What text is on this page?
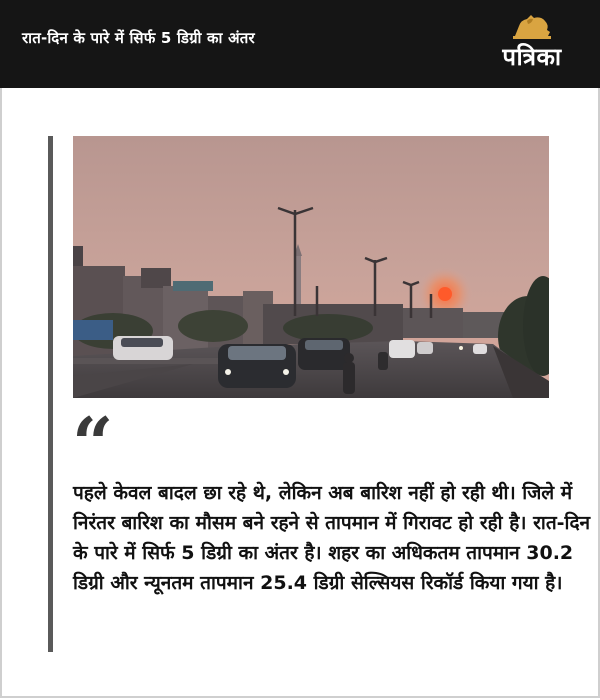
रात-दिन के पारे में सिर्फ 5 डिग्री का अंतर
पत्रिका
“

पहले केवल बादल छा रहे थे, लेकिन अब बारिश नहीं हो रही थी। जिले में निरंतर बारिश का मौसम बने रहने से तापमान में गिरावट हो रही है। रात-दिन के पारे में सिर्फ 5 डिग्री का अंतर है। शहर का अधिकतम तापमान 30.2 डिग्री और न्यूनतम तापमान 25.4 डिग्री सेल्सियस रिकॉर्ड किया गया है।
